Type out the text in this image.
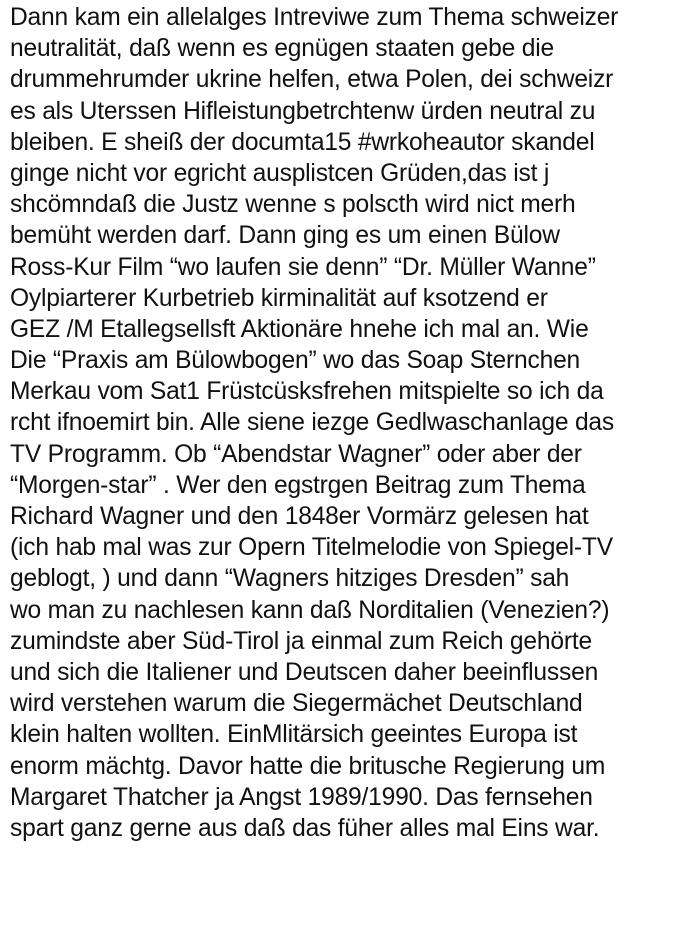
Dann kam ein allelalges Intreviwe zum Thema schweizer
neutralität, daß wenn es egnügen staaten gebe die
drummehrumder ukrine helfen, etwa Polen, dei schweizr
es als Uterssen Hifleistungbetrchtenw ürden neutral zu
bleiben. E sheiß der documta15 #wrkoheautor skandel
ginge nicht vor egricht ausplistcen Grüden,das ist j
shcömndaß die Justz wenne s polscth wird nict merh
bemüht werden darf. Dann ging es um einen Bülow
Ross-Kur Film “wo laufen sie denn” “Dr. Müller Wanne”
Oylpiarterer Kurbetrieb kirminalität auf ksotzend er
GEZ /M Etallegsellsft Aktionäre hnehe ich mal an. Wie
Die “Praxis am Bülowbogen” wo das Soap Sternchen
Merkau vom Sat1 Früstcüsksfrehen mitspielte so ich da
rcht ifnoemirt bin. Alle siene iezge Gedlwaschanlage das
TV Programm. Ob “Abendstar Wagner” oder aber der
“Morgen-star” . Wer den egstrgen Beitrag zum Thema
Richard Wagner und den 1848er Vormärz gelesen hat
(ich hab mal was zur Opern Titelmelodie von Spiegel-TV
geblogt, ) und dann “Wagners hitziges Dresden” sah
wo man zu nachlesen kann daß Norditalien (Venezien?)
zumindste aber Süd-Tirol ja einmal zum Reich gehörte
und sich die Italiener und Deutscen daher beeinflussen
wird verstehen warum die Siegermächet Deutschland
klein halten wollten. EinMlitärsich geeintes Europa ist
enorm mächtg. Davor hatte die britusche Regierung um
Margaret Thatcher ja Angst 1989/1990. Das fernsehen
spart ganz gerne aus daß das füher alles mal Eins war.
